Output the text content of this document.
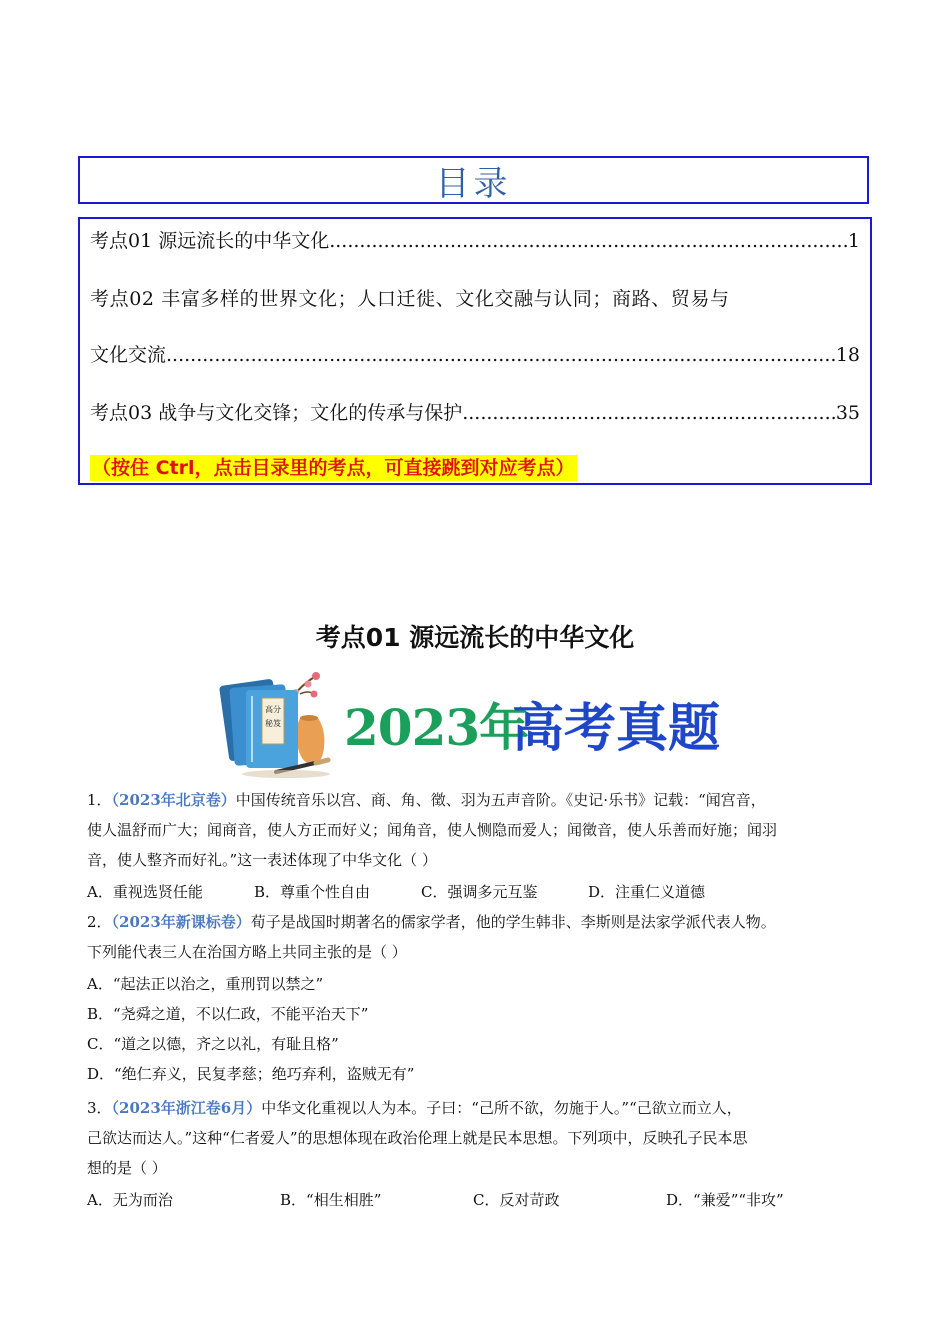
目录
考点01 源远流长的中华文化 .....	1
考点02 丰富多样的世界文化；人口迁徙、文化交融与认同；商路、贸易与
文化交流 .....	18
考点03 战争与文化交锋；文化的传承与保护 .....	35
（按住 Ctrl，点击目录里的考点，可直接跳到对应考点）
考点01 源远流长的中华文化
高分
秘笈 2023年
高考真题
1．（2023年北京卷）中国传统音乐以宫、商、角、徵、羽为五声音阶。《史记·乐书》记载：“闻宫音，
使人温舒而广大；闻商音，使人方正而好义；闻角音，使人恻隐而爱人；闻徵音，使人乐善而好施；闻羽
音，使人整齐而好礼。”这一表述体现了中华文化（ ）
A．重视选贤任能	B．尊重个性自由	C．强调多元互鉴	D．注重仁义道德
2．（2023年新课标卷）荀子是战国时期著名的儒家学者，他的学生韩非、李斯则是法家学派代表人物。
下列能代表三人在治国方略上共同主张的是（ ）
A．“起法正以治之，重刑罚以禁之”
B．“尧舜之道，不以仁政，不能平治天下”
C．“道之以德，齐之以礼，有耻且格”
D．“绝仁弃义，民复孝慈；绝巧弃利，盗贼无有”
3．（2023年浙江卷6月）中华文化重视以人为本。子曰：“己所不欲，勿施于人。”“己欲立而立人，
己欲达而达人。”这种“仁者爱人”的思想体现在政治伦理上就是民本思想。下列项中，反映孔子民本思
想的是（ ）
A．无为而治	B．“相生相胜”	C．反对苛政	D．“兼爱”“非攻”
